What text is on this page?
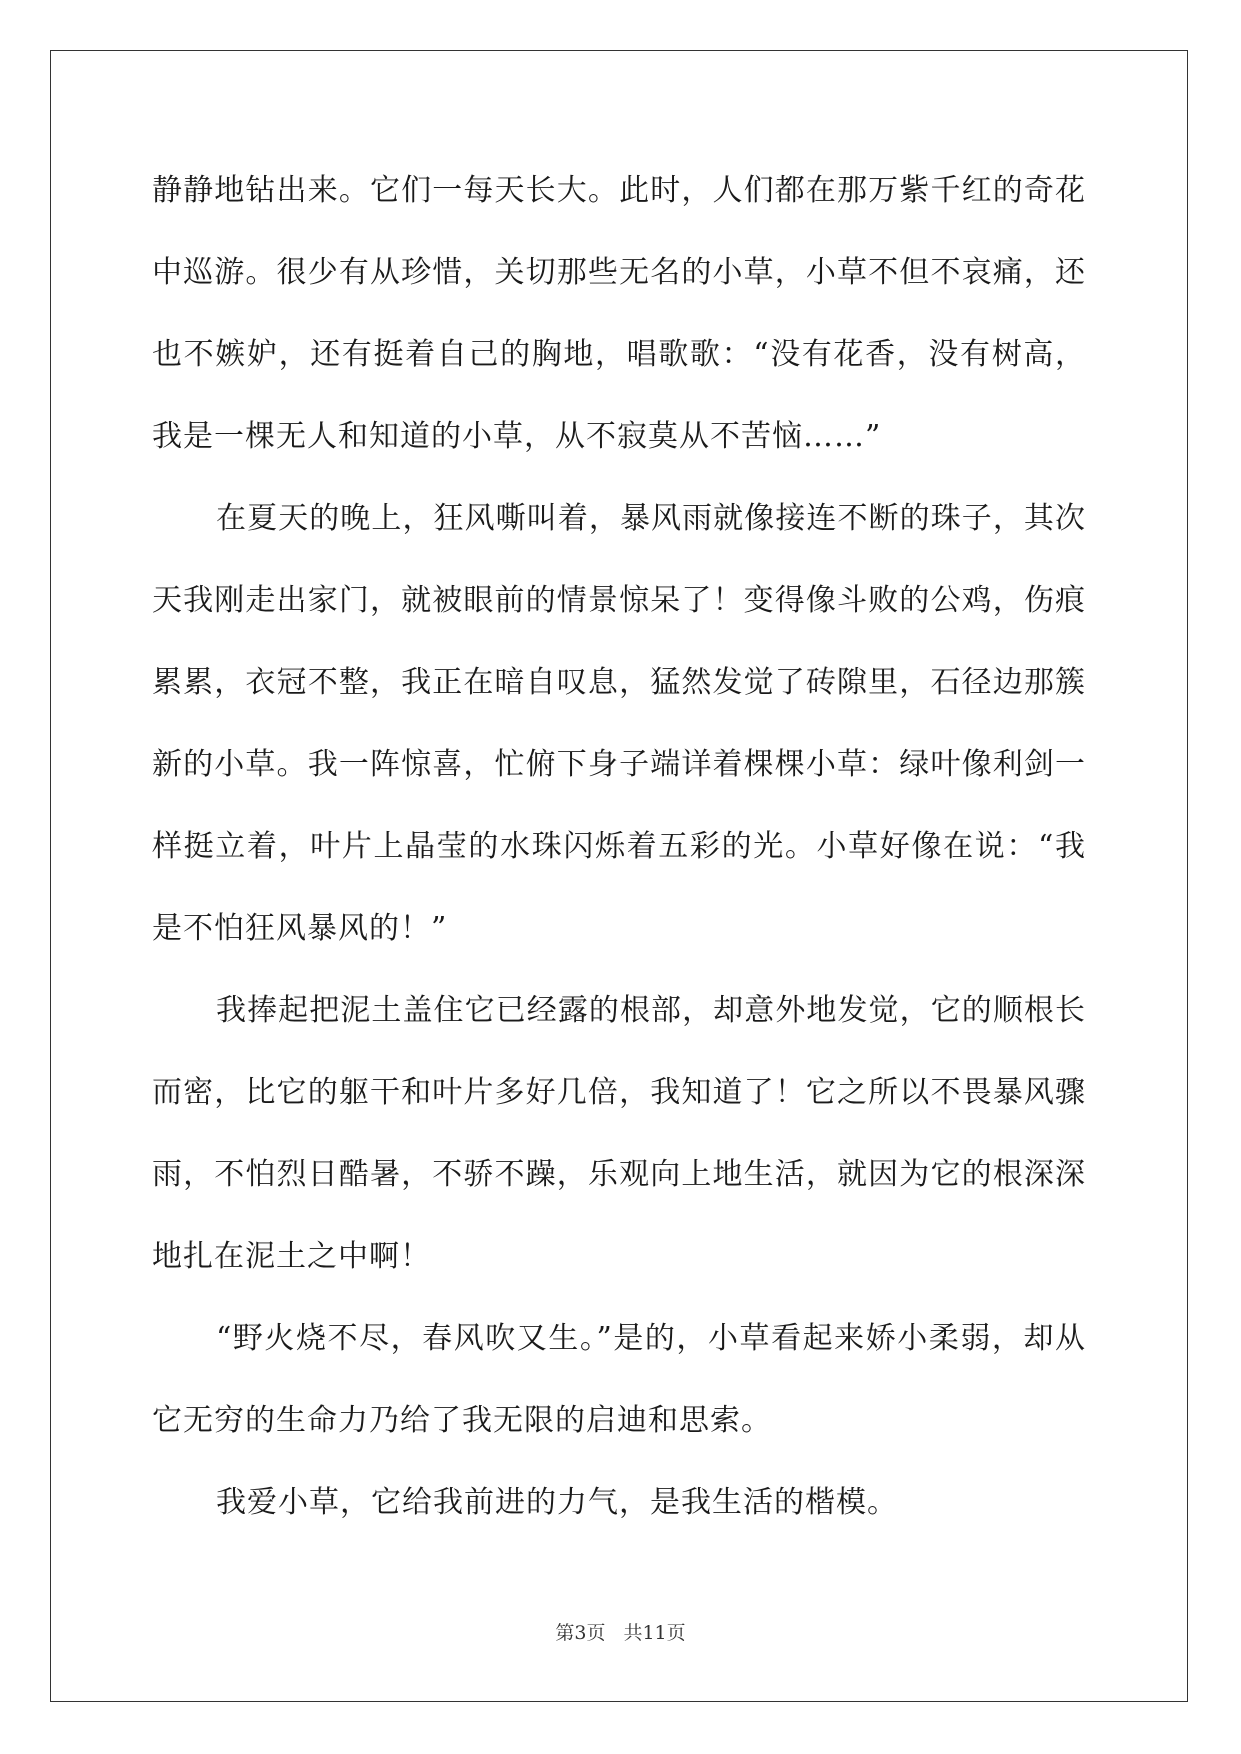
静静地钻出来。它们一每天长大。此时，人们都在那万紫千红的奇花中巡游。很少有从珍惜，关切那些无名的小草，小草不但不哀痛，还也不嫉妒，还有挺着自己的胸地，唱歌歌：“没有花香，没有树高，我是一棵无人和知道的小草，从不寂莫从不苦恼……”

在夏天的晚上，狂风嘶叫着，暴风雨就像接连不断的珠子，其次天我刚走出家门，就被眼前的情景惊呆了！变得像斗败的公鸡，伤痕累累，衣冠不整，我正在暗自叹息，猛然发觉了砖隙里，石径边那簇新的小草。我一阵惊喜，忙俯下身子端详着棵棵小草：绿叶像利剑一样挺立着，叶片上晶莹的水珠闪烁着五彩的光。小草好像在说：“我是不怕狂风暴风的！”

我捧起把泥土盖住它已经露的根部，却意外地发觉，它的顺根长而密，比它的躯干和叶片多好几倍，我知道了！它之所以不畏暴风骤雨，不怕烈日酷暑，不骄不躁，乐观向上地生活，就因为它的根深深地扎在泥土之中啊！

“野火烧不尽，春风吹又生。”是的，小草看起来娇小柔弱，却从它无穷的生命力乃给了我无限的启迪和思索。

我爱小草，它给我前进的力气，是我生活的楷模。

第3页 共11页
